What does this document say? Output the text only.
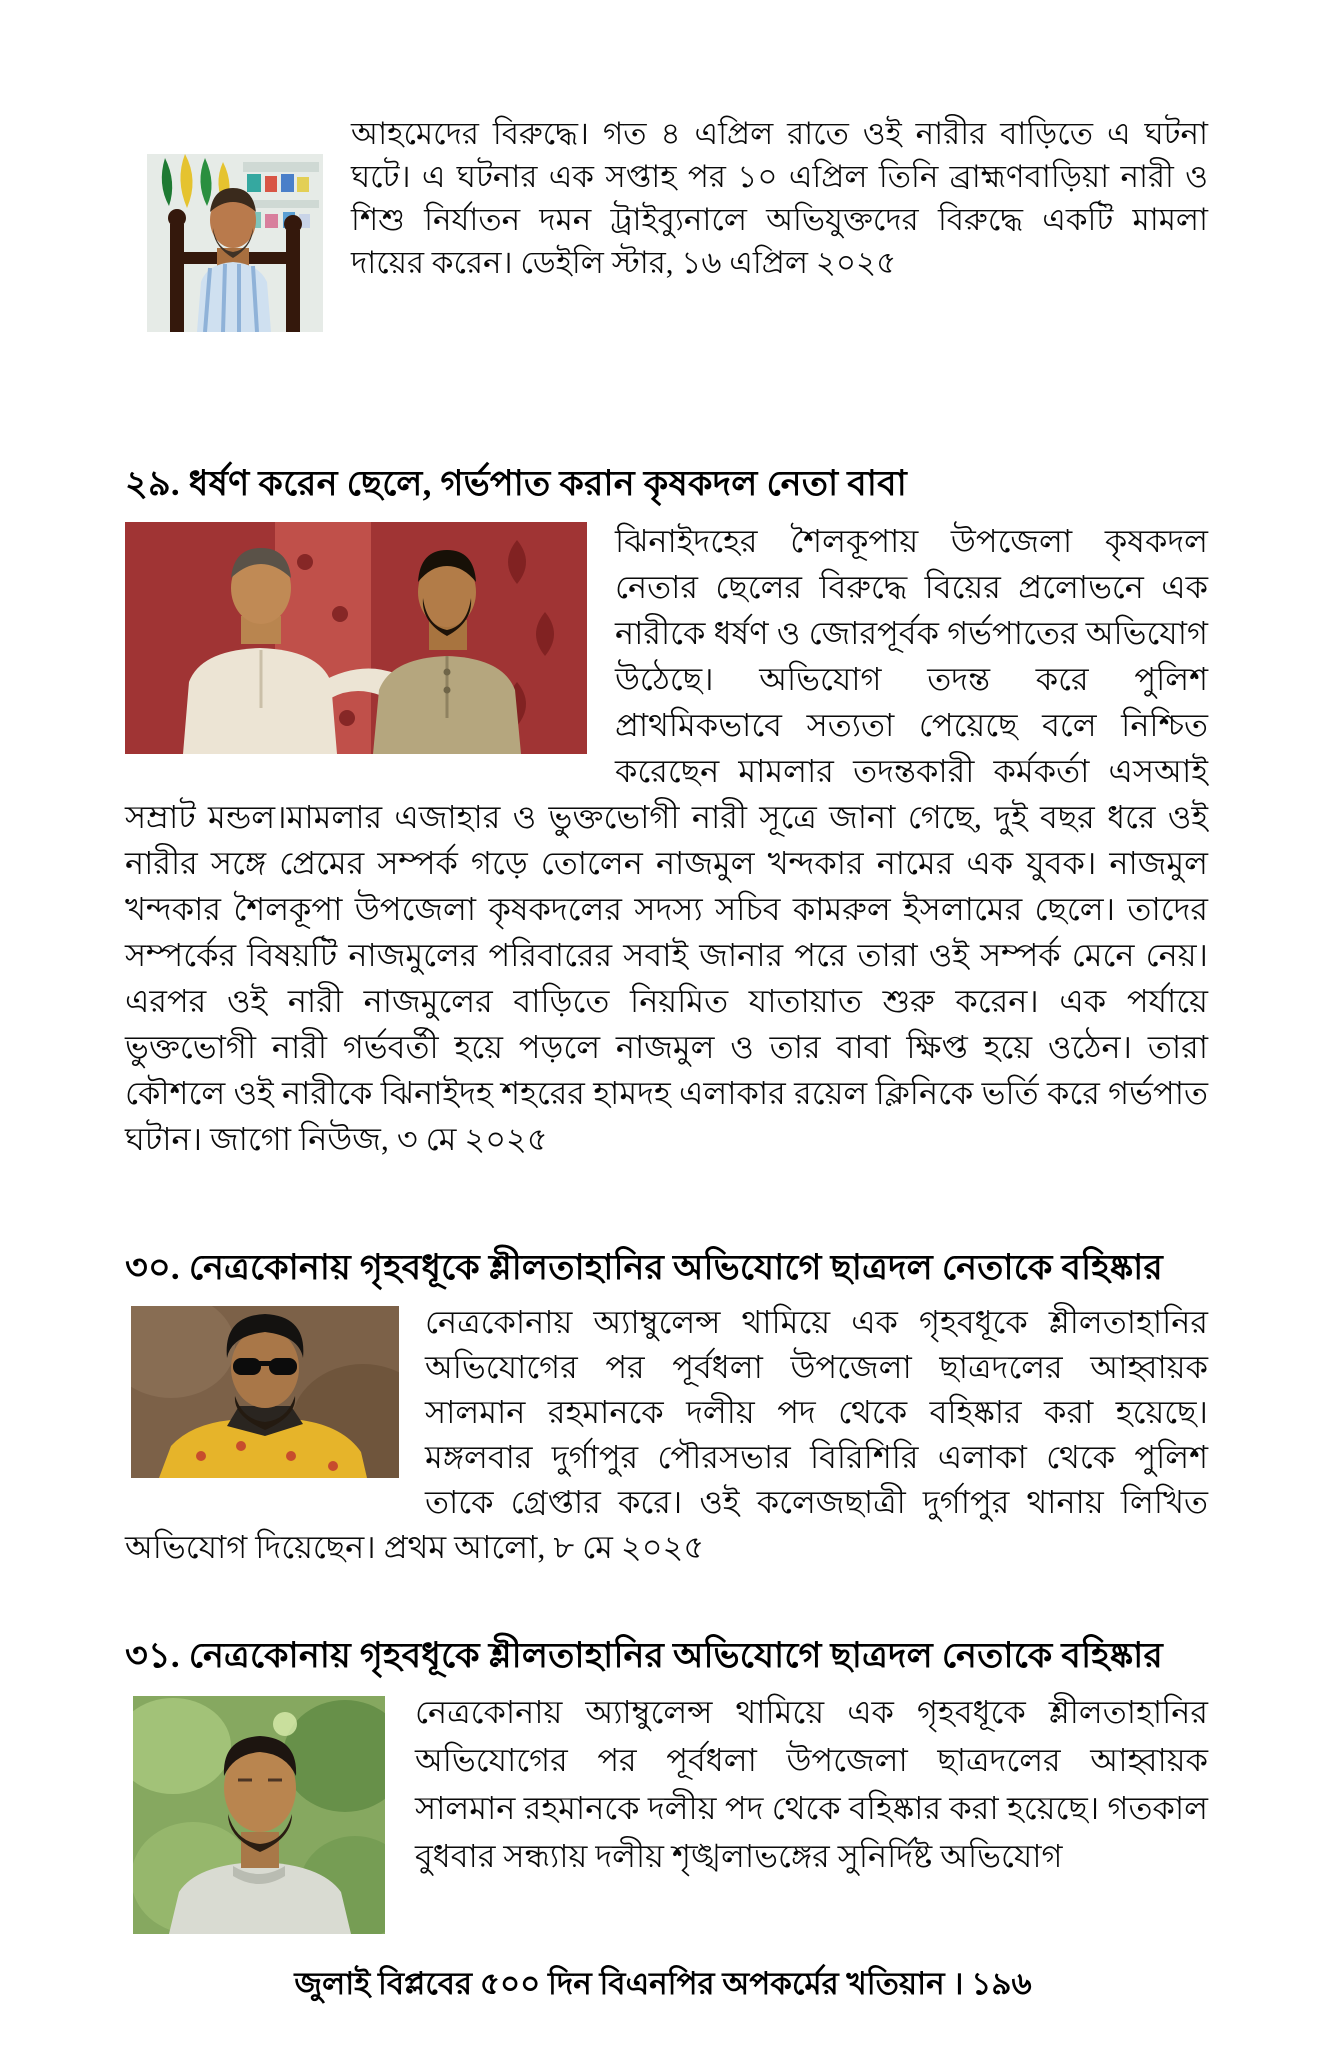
আহমেদের বিরুদ্ধে। গত ৪ এপ্রিল রাতে ওই নারীর বাড়িতে এ ঘটনা ঘটে। এ ঘটনার এক সপ্তাহ পর ১০ এপ্রিল তিনি ব্রাহ্মণবাড়িয়া নারী ও শিশু নির্যাতন দমন ট্রাইব্যুনালে অভিযুক্তদের বিরুদ্ধে একটি মামলা দায়ের করেন। ডেইলি স্টার, ১৬ এপ্রিল ২০২৫

২৯. ধর্ষণ করেন ছেলে, গর্ভপাত করান কৃষকদল নেতা বাবা

ঝিনাইদহের শৈলকূপায় উপজেলা কৃষকদল নেতার ছেলের বিরুদ্ধে বিয়ের প্রলোভনে এক নারীকে ধর্ষণ ও জোরপূর্বক গর্ভপাতের অভিযোগ উঠেছে। অভিযোগ তদন্ত করে পুলিশ প্রাথমিকভাবে সত্যতা পেয়েছে বলে নিশ্চিত করেছেন মামলার তদন্তকারী কর্মকর্তা এসআই সম্রাট মন্ডল।মামলার এজাহার ও ভুক্তভোগী নারী সূত্রে জানা গেছে, দুই বছর ধরে ওই নারীর সঙ্গে প্রেমের সম্পর্ক গড়ে তোলেন নাজমুল খন্দকার নামের এক যুবক। নাজমুল খন্দকার শৈলকূপা উপজেলা কৃষকদলের সদস্য সচিব কামরুল ইসলামের ছেলে। তাদের সম্পর্কের বিষয়টি নাজমুলের পরিবারের সবাই জানার পরে তারা ওই সম্পর্ক মেনে নেয়। এরপর ওই নারী নাজমুলের বাড়িতে নিয়মিত যাতায়াত শুরু করেন। এক পর্যায়ে ভুক্তভোগী নারী গর্ভবর্তী হয়ে পড়লে নাজমুল ও তার বাবা ক্ষিপ্ত হয়ে ওঠেন। তারা কৌশলে ওই নারীকে ঝিনাইদহ শহরের হামদহ এলাকার রয়েল ক্লিনিকে ভর্তি করে গর্ভপাত ঘটান। জাগো নিউজ, ৩ মে ২০২৫

৩০. নেত্রকোনায় গৃহবধূকে শ্লীলতাহানির অভিযোগে ছাত্রদল নেতাকে বহিষ্কার

নেত্রকোনায় অ্যাম্বুলেন্স থামিয়ে এক গৃহবধূকে শ্লীলতাহানির অভিযোগের পর পূর্বধলা উপজেলা ছাত্রদলের আহ্বায়ক সালমান রহমানকে দলীয় পদ থেকে বহিষ্কার করা হয়েছে। মঙ্গলবার দুর্গাপুর পৌরসভার বিরিশিরি এলাকা থেকে পুলিশ তাকে গ্রেপ্তার করে। ওই কলেজছাত্রী দুর্গাপুর থানায় লিখিত অভিযোগ দিয়েছেন। প্রথম আলো, ৮ মে ২০২৫

৩১. নেত্রকোনায় গৃহবধূকে শ্লীলতাহানির অভিযোগে ছাত্রদল নেতাকে বহিষ্কার

নেত্রকোনায় অ্যাম্বুলেন্স থামিয়ে এক গৃহবধূকে শ্লীলতাহানির অভিযোগের পর পূর্বধলা উপজেলা ছাত্রদলের আহ্বায়ক সালমান রহমানকে দলীয় পদ থেকে বহিষ্কার করা হয়েছে। গতকাল বুধবার সন্ধ্যায় দলীয় শৃঙ্খলাভঙ্গের সুনির্দিষ্ট অভিযোগ

জুলাই বিপ্লবের ৫০০ দিন বিএনপির অপকর্মের খতিয়ান । ১৯৬
